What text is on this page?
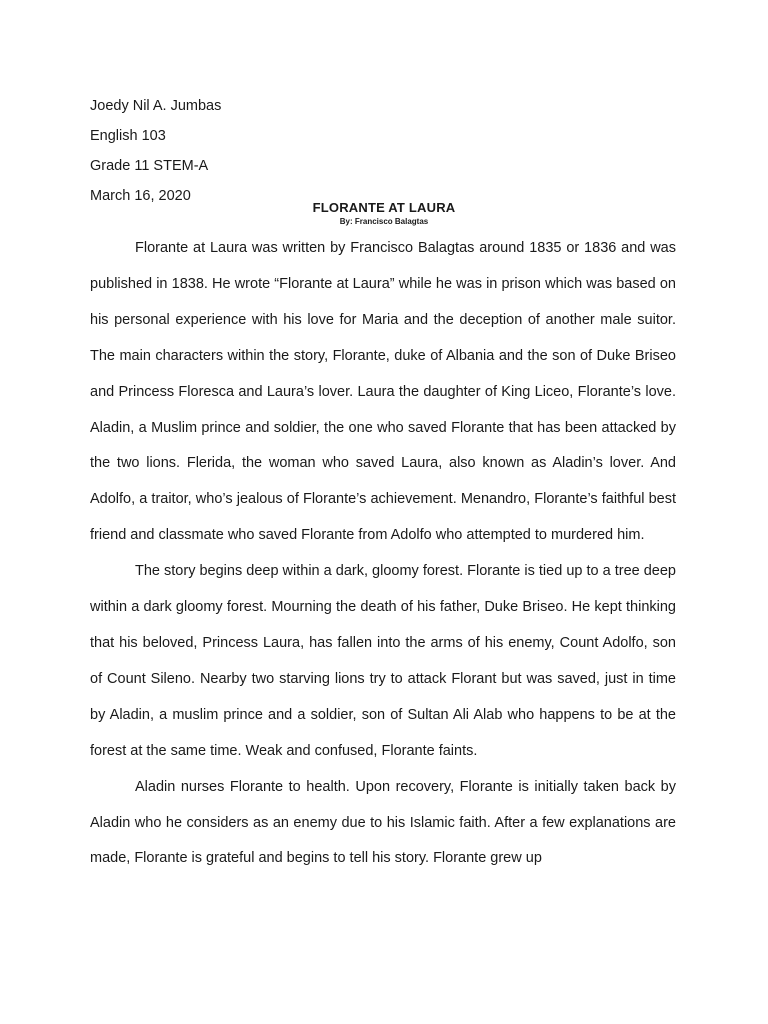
Joedy Nil A. Jumbas
English 103
Grade 11 STEM-A
March 16, 2020
FLORANTE AT LAURA
By: Francisco Balagtas

Florante at Laura was written by Francisco Balagtas around 1835 or 1836 and was published in 1838. He wrote “Florante at Laura” while he was in prison which was based on his personal experience with his love for Maria and the deception of another male suitor. The main characters within the story, Florante, duke of Albania and the son of Duke Briseo and Princess Floresca and Laura’s lover. Laura the daughter of King Liceo, Florante’s love. Aladin, a Muslim prince and soldier, the one who saved Florante that has been attacked by the two lions. Flerida, the woman who saved Laura, also known as Aladin’s lover. And Adolfo, a traitor, who’s jealous of Florante’s achievement. Menandro, Florante’s faithful best friend and classmate who saved Florante from Adolfo who attempted to murdered him.

The story begins deep within a dark, gloomy forest. Florante is tied up to a tree deep within a dark gloomy forest. Mourning the death of his father, Duke Briseo. He kept thinking that his beloved, Princess Laura, has fallen into the arms of his enemy, Count Adolfo, son of Count Sileno. Nearby two starving lions try to attack Florant but was saved, just in time by Aladin, a muslim prince and a soldier, son of Sultan Ali Alab who happens to be at the forest at the same time. Weak and confused, Florante faints.

Aladin nurses Florante to health. Upon recovery, Florante is initially taken back by Aladin who he considers as an enemy due to his Islamic faith. After a few explanations are made, Florante is grateful and begins to tell his story. Florante grew up
